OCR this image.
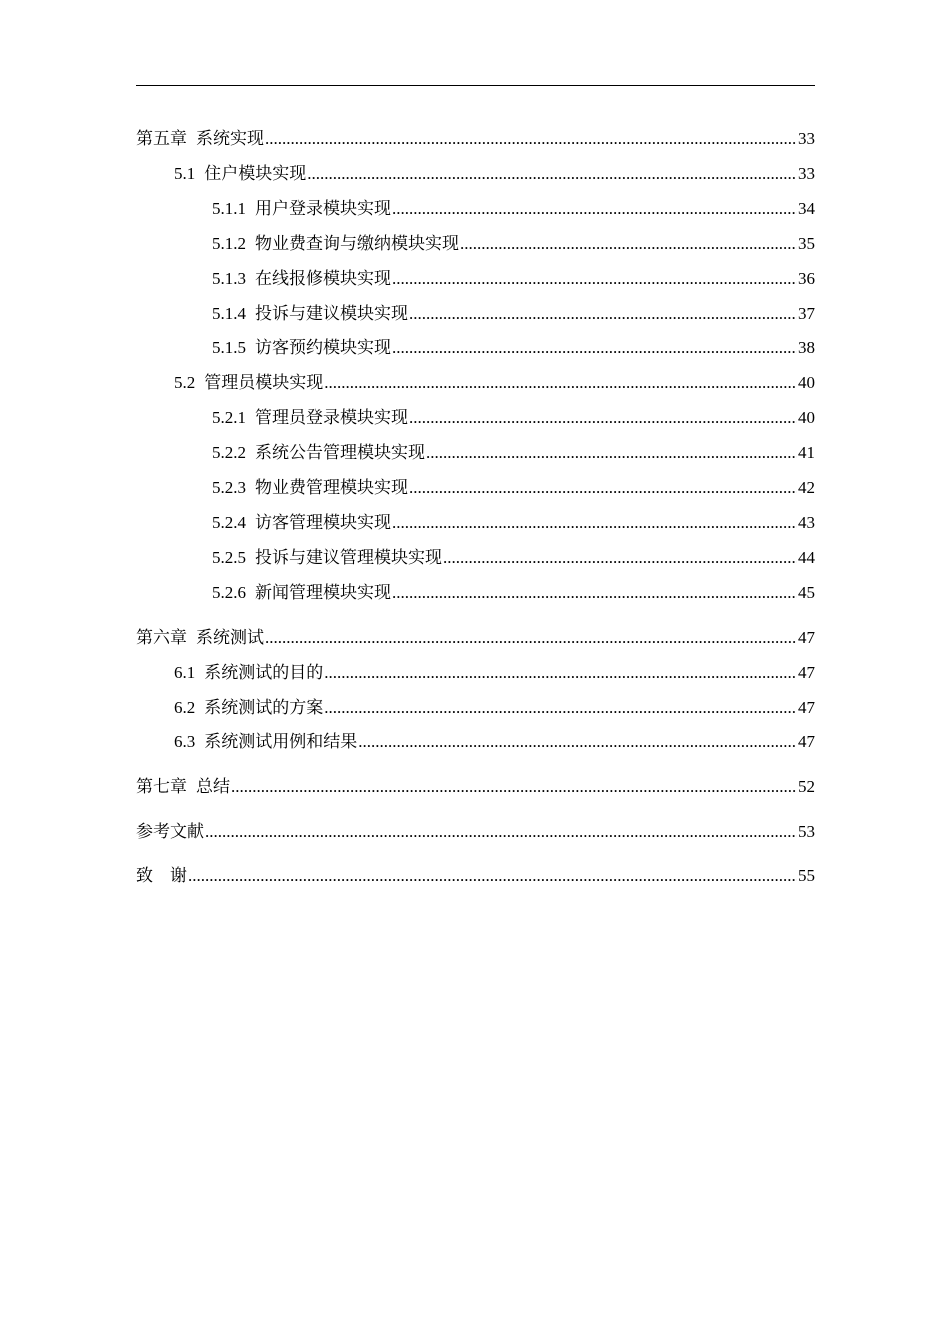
第五章 系统实现 .....	33
5.1 住户模块实现 .....	33
5.1.1 用户登录模块实现 .....	34
5.1.2 物业费查询与缴纳模块实现 .....	35
5.1.3 在线报修模块实现 .....	36
5.1.4 投诉与建议模块实现 .....	37
5.1.5 访客预约模块实现 .....	38
5.2 管理员模块实现 .....	40
5.2.1 管理员登录模块实现 .....	40
5.2.2 系统公告管理模块实现 .....	41
5.2.3 物业费管理模块实现 .....	42
5.2.4 访客管理模块实现 .....	43
5.2.5 投诉与建议管理模块实现 .....	44
5.2.6 新闻管理模块实现 .....	45
第六章 系统测试 .....	47
6.1 系统测试的目的 .....	47
6.2 系统测试的方案 .....	47
6.3 系统测试用例和结果 .....	47
第七章 总结 .....	52
参考文献 .....	53
致　谢 .....	55
